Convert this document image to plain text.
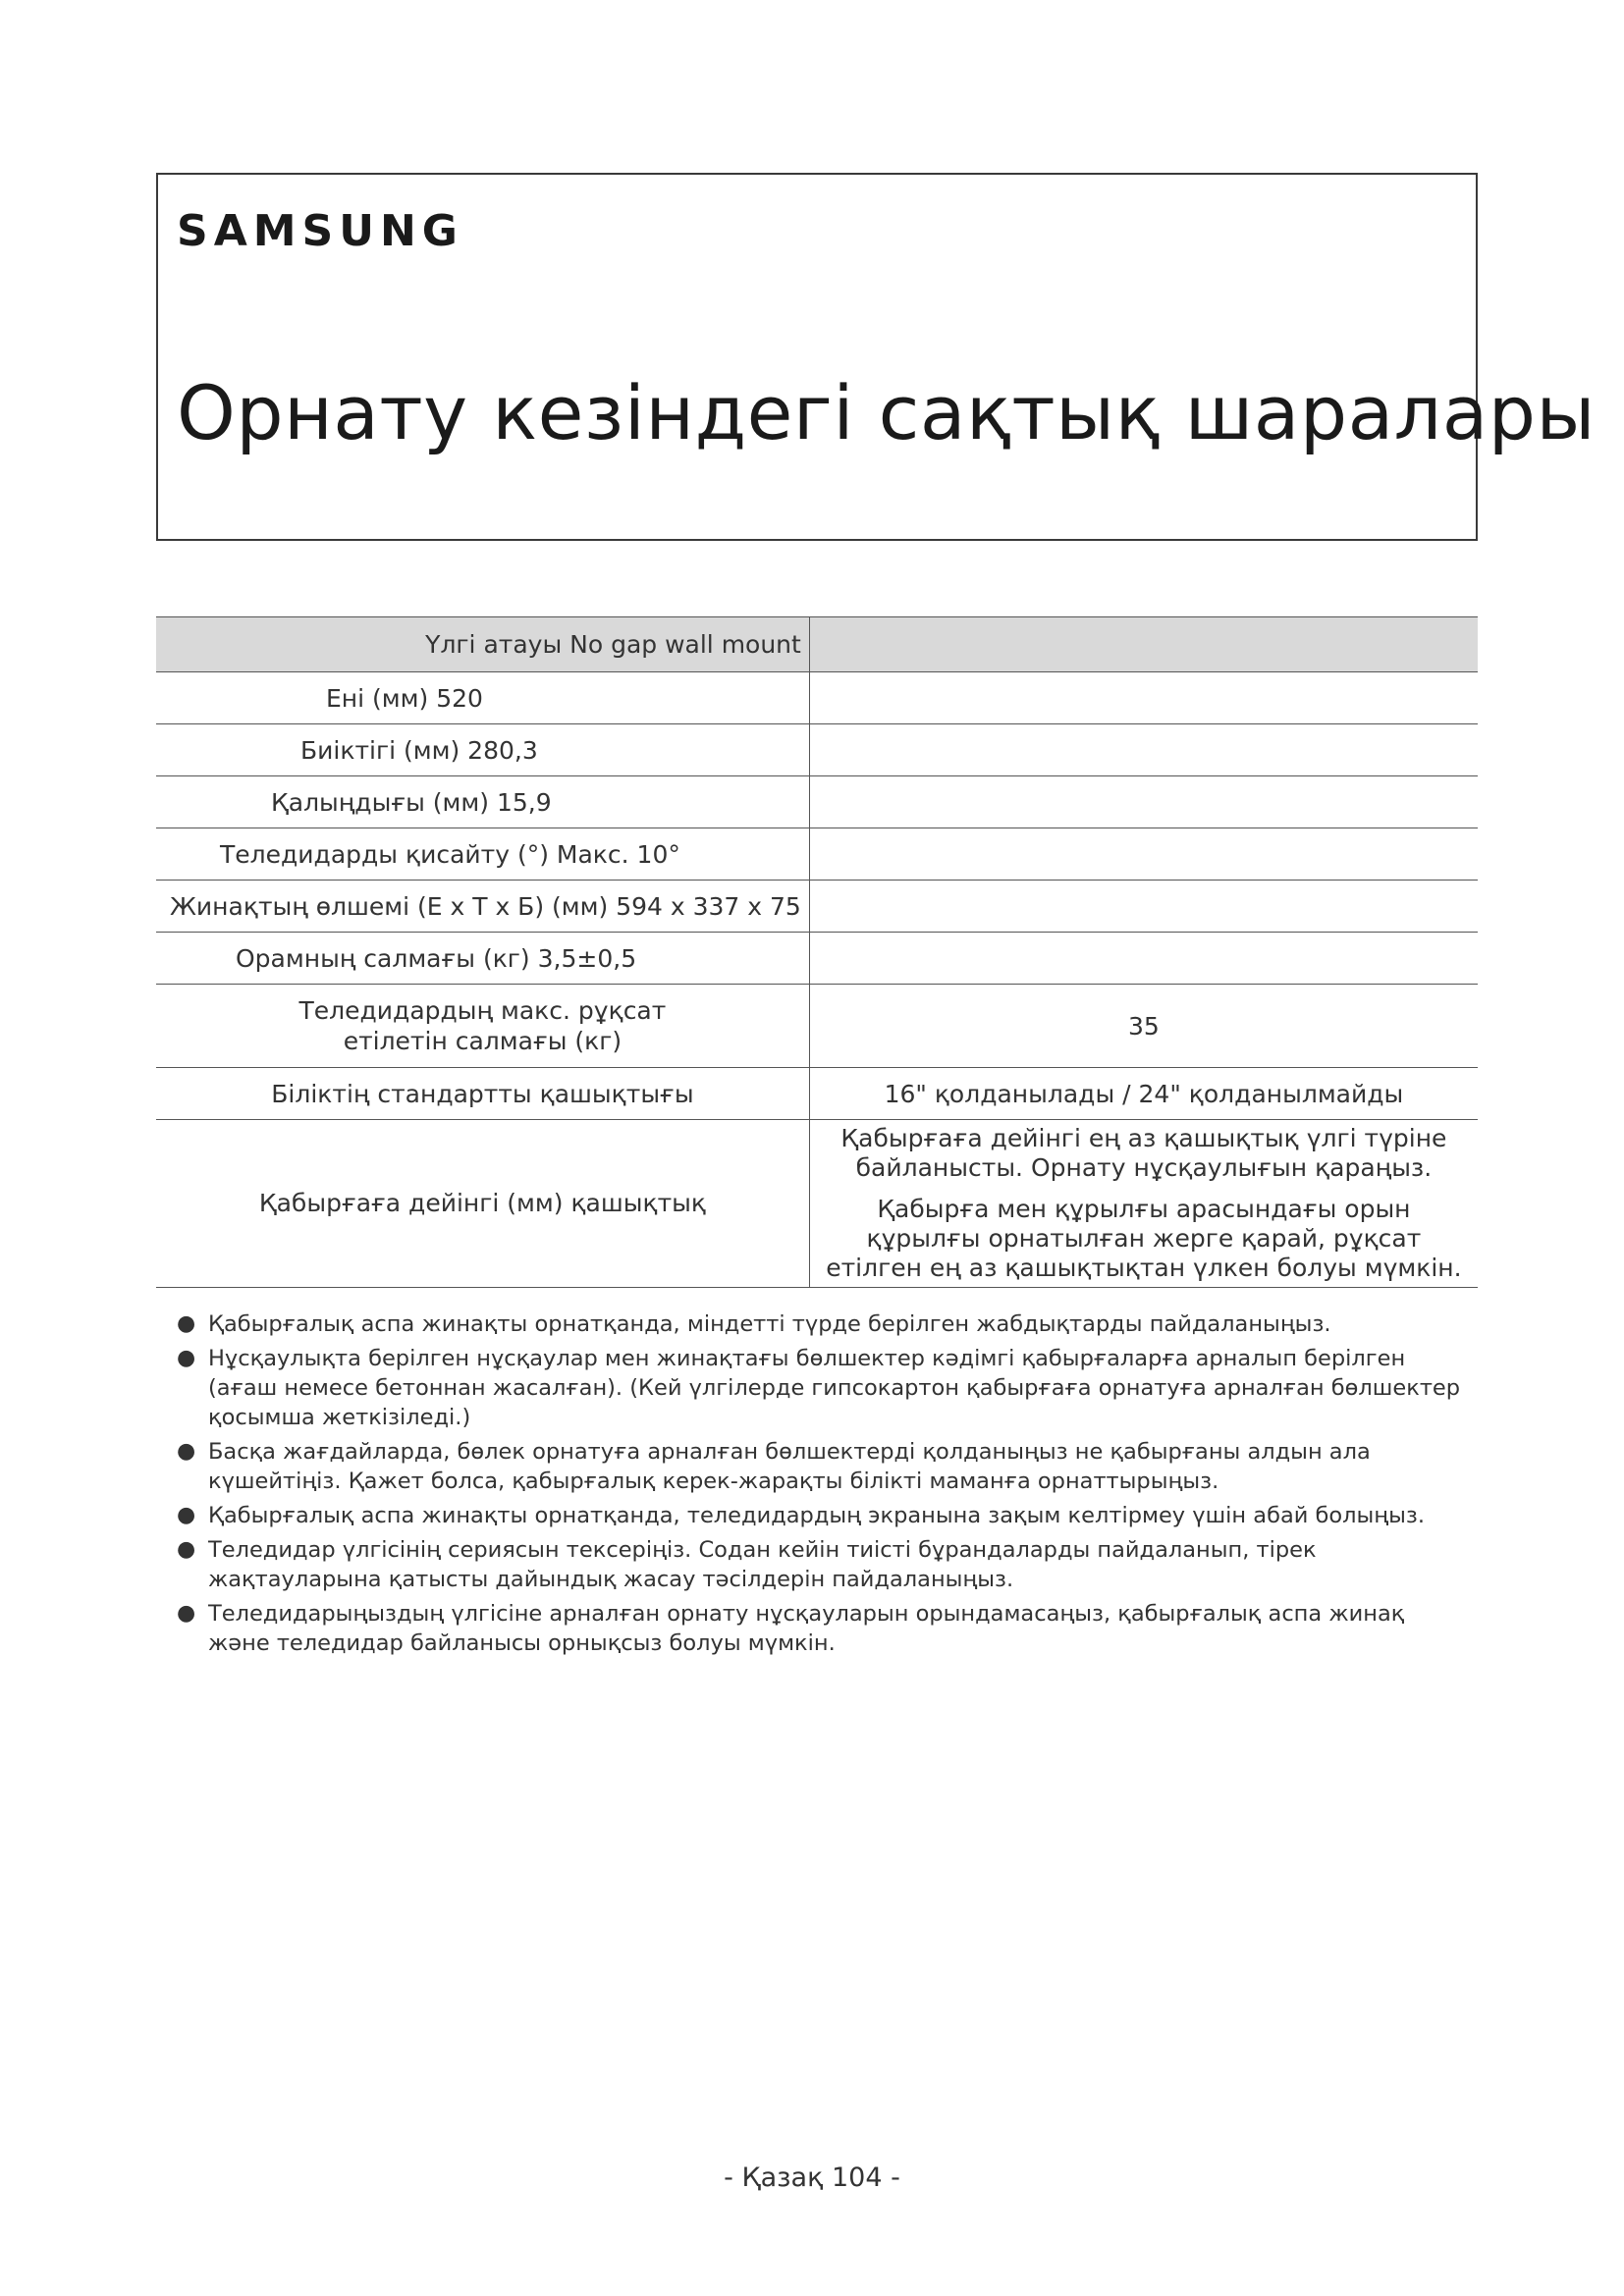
SAMSUNG
Орнату кезіндегі сақтық шаралары
Үлгі атауы No gap wall mount	
Ені (мм) 520	
Биіктігі (мм) 280,3	
Қалыңдығы (мм) 15,9	
Теледидарды қисайту (°) Макс. 10°	
Жинақтың өлшемі (Е x Т x Б) (мм) 594 x 337 x 75	
Орамның салмағы (кг) 3,5±0,5	

Теледидардың макс. рұқсат
етілетін салмағы (кг)	35
Біліктің стандартты қашықтығы	16" қолданылады / 24" қолданылмайды
Қабырғаға дейінгі (мм) қашықтық	Қабырғаға дейінгі ең аз қашықтық үлгі түріне байланысты. Орнату нұсқаулығын қараңыз.

Қабырға мен құрылғы арасындағы орын құрылғы орнатылған жерге қарай, рұқсат етілген ең аз қашықтықтан үлкен болуы мүмкін.

● Қабырғалық аспа жинақты орнатқанда, міндетті түрде берілген жабдықтарды пайдаланыңыз.
● Нұсқаулықта берілген нұсқаулар мен жинақтағы бөлшектер кәдімгі қабырғаларға арналып берілген (ағаш немесе бетоннан жасалған). (Кей үлгілерде гипсокартон қабырғаға орнатуға арналған бөлшектер қосымша жеткізіледі.)
● Басқа жағдайларда, бөлек орнатуға арналған бөлшектерді қолданыңыз не қабырғаны алдын ала күшейтіңіз. Қажет болса, қабырғалық керек-жарақты білікті маманға орнаттырыңыз.
● Қабырғалық аспа жинақты орнатқанда, теледидардың экранына зақым келтірмеу үшін абай болыңыз.
● Теледидар үлгісінің сериясын тексеріңіз. Содан кейін тиісті бұрандаларды пайдаланып, тірек жақтауларына қатысты дайындық жасау тәсілдерін пайдаланыңыз.
● Теледидарыңыздың үлгісіне арналған орнату нұсқауларын орындамасаңыз, қабырғалық аспа жинақ және теледидар байланысы орнықсыз болуы мүмкін.
- Қазақ 104 -
